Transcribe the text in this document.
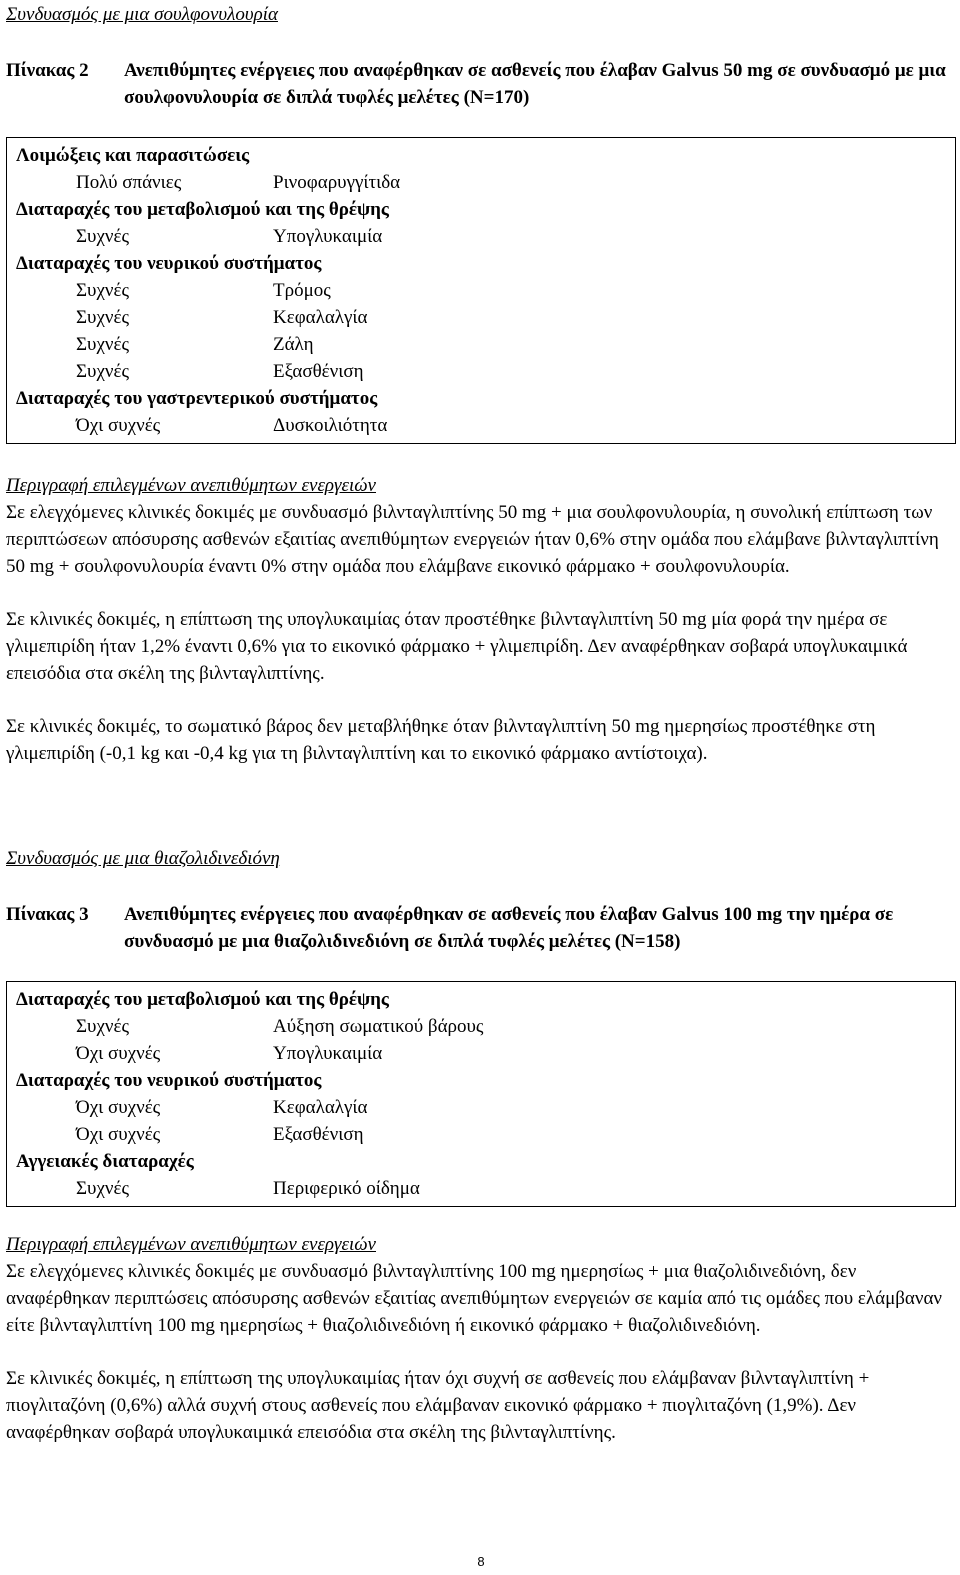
Συνδυασμός με μια σουλφονυλουρία

Πίνακας 2	Ανεπιθύμητες ενέργειες που αναφέρθηκαν σε ασθενείς που έλαβαν Galvus 50 mg σε συνδυασμό με μια σουλφονυλουρία σε διπλά τυφλές μελέτες (N=170)
Λοιμώξεις και παρασιτώσεις
Πολύ σπάνιες	Ρινοφαρυγγίτιδα
Διαταραχές του μεταβολισμού και της θρέψης
Συχνές	Υπογλυκαιμία
Διαταραχές του νευρικού συστήματος
Συχνές	Τρόμος
Συχνές	Κεφαλαλγία
Συχνές	Ζάλη
Συχνές	Εξασθένιση
Διαταραχές του γαστρεντερικού συστήματος
Όχι συχνές	Δυσκοιλιότητα

Περιγραφή επιλεγμένων ανεπιθύμητων ενεργειών

Σε ελεγχόμενες κλινικές δοκιμές με συνδυασμό βιλνταγλιπτίνης 50 mg + μια σουλφονυλουρία, η συνολική επίπτωση των περιπτώσεων απόσυρσης ασθενών εξαιτίας ανεπιθύμητων ενεργειών ήταν 0,6% στην ομάδα που ελάμβανε βιλνταγλιπτίνη 50 mg + σουλφονυλουρία έναντι 0% στην ομάδα που ελάμβανε εικονικό φάρμακο + σουλφονυλουρία.

Σε κλινικές δοκιμές, η επίπτωση της υπογλυκαιμίας όταν προστέθηκε βιλνταγλιπτίνη 50 mg μία φορά την ημέρα σε γλιμεπιρίδη ήταν 1,2% έναντι 0,6% για το εικονικό φάρμακο + γλιμεπιρίδη. Δεν αναφέρθηκαν σοβαρά υπογλυκαιμικά επεισόδια στα σκέλη της βιλνταγλιπτίνης.

Σε κλινικές δοκιμές, το σωματικό βάρος δεν μεταβλήθηκε όταν βιλνταγλιπτίνη 50 mg ημερησίως προστέθηκε στη γλιμεπιρίδη (-0,1 kg και -0,4 kg για τη βιλνταγλιπτίνη και το εικονικό φάρμακο αντίστοιχα).

Συνδυασμός με μια θιαζολιδινεδιόνη

Πίνακας 3	Ανεπιθύμητες ενέργειες που αναφέρθηκαν σε ασθενείς που έλαβαν Galvus 100 mg την ημέρα σε συνδυασμό με μια θιαζολιδινεδιόνη σε διπλά τυφλές μελέτες (N=158)
Διαταραχές του μεταβολισμού και της θρέψης
Συχνές	Αύξηση σωματικού βάρους
Όχι συχνές	Υπογλυκαιμία
Διαταραχές του νευρικού συστήματος
Όχι συχνές	Κεφαλαλγία
Όχι συχνές	Εξασθένιση
Αγγειακές διαταραχές
Συχνές	Περιφερικό οίδημα

Περιγραφή επιλεγμένων ανεπιθύμητων ενεργειών

Σε ελεγχόμενες κλινικές δοκιμές με συνδυασμό βιλνταγλιπτίνης 100 mg ημερησίως + μια θιαζολιδινεδιόνη, δεν αναφέρθηκαν περιπτώσεις απόσυρσης ασθενών εξαιτίας ανεπιθύμητων ενεργειών σε καμία από τις ομάδες που ελάμβαναν είτε βιλνταγλιπτίνη 100 mg ημερησίως + θιαζολιδινεδιόνη ή εικονικό φάρμακο + θιαζολιδινεδιόνη.

Σε κλινικές δοκιμές, η επίπτωση της υπογλυκαιμίας ήταν όχι συχνή σε ασθενείς που ελάμβαναν βιλνταγλιπτίνη + πιογλιταζόνη (0,6%) αλλά συχνή στους ασθενείς που ελάμβαναν εικονικό φάρμακο + πιογλιταζόνη (1,9%). Δεν αναφέρθηκαν σοβαρά υπογλυκαιμικά επεισόδια στα σκέλη της βιλνταγλιπτίνης.

8
